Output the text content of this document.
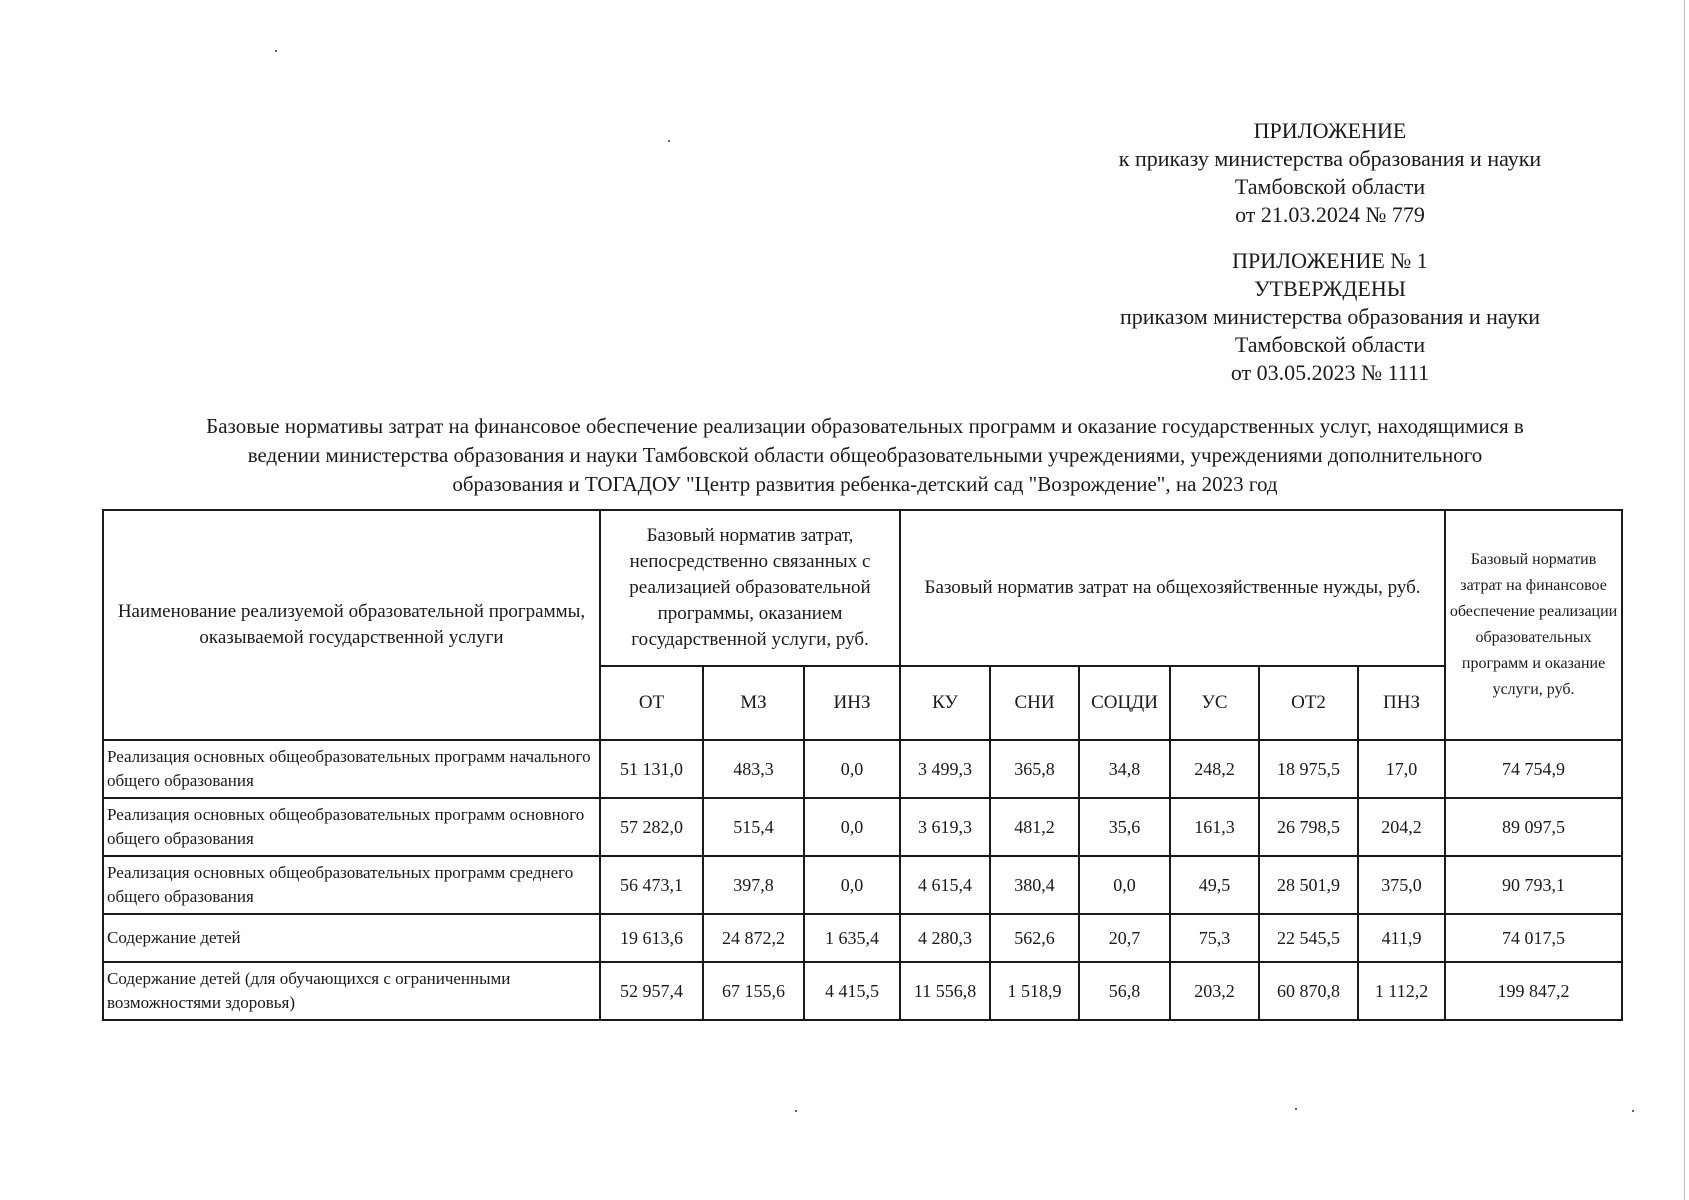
ПРИЛОЖЕНИЕ
к приказу министерства образования и науки
Тамбовской области
от 21.03.2024 № 779
ПРИЛОЖЕНИЕ № 1
УТВЕРЖДЕНЫ
приказом министерства образования и науки
Тамбовской области
от 03.05.2023 № 1111
Базовые нормативы затрат на финансовое обеспечение реализации образовательных программ и оказание государственных услуг, находящимися в
ведении министерства образования и науки Тамбовской области общеобразовательными учреждениями, учреждениями дополнительного
образования и ТОГАДОУ "Центр развития ребенка-детский сад "Возрождение", на 2023 год
Наименование реализуемой образовательной программы, оказываемой государственной услуги	Базовый норматив затрат, непосредственно связанных с реализацией образовательной программы, оказанием государственной услуги, руб.			Базовый норматив затрат на общехозяйственные нужды, руб.						Базовый норматив затрат на финансовое обеспечение реализации образовательных программ и оказание услуги, руб.
	ОТ	МЗ	ИНЗ	КУ	СНИ	СОЦДИ	УС	ОТ2	ПНЗ	
Реализация основных общеобразовательных программ начального общего образования	51 131,0	483,3	0,0	3 499,3	365,8	34,8	248,2	18 975,5	17,0	74 754,9
Реализация основных общеобразовательных программ основного общего образования	57 282,0	515,4	0,0	3 619,3	481,2	35,6	161,3	26 798,5	204,2	89 097,5
Реализация основных общеобразовательных программ среднего общего образования	56 473,1	397,8	0,0	4 615,4	380,4	0,0	49,5	28 501,9	375,0	90 793,1
Содержание детей	19 613,6	24 872,2	1 635,4	4 280,3	562,6	20,7	75,3	22 545,5	411,9	74 017,5
Содержание детей (для обучающихся с ограниченными возможностями здоровья)	52 957,4	67 155,6	4 415,5	11 556,8	1 518,9	56,8	203,2	60 870,8	1 112,2	199 847,2
